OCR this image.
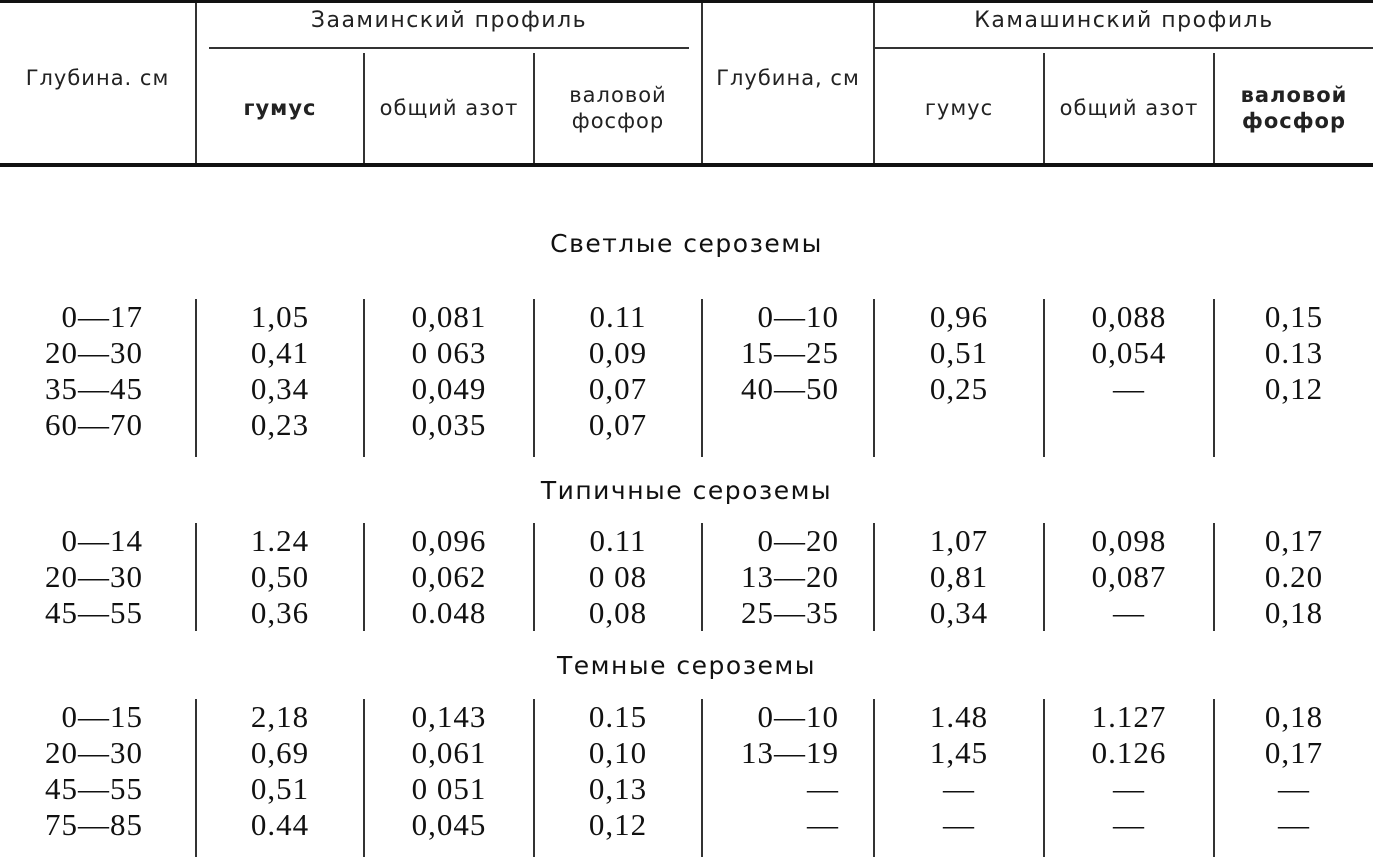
Глубина. см	Зааминский профиль			Глубина, см	Камашинский профиль		

	гумус	общий азот	валовой фосфор		гумус	общий азот	валовой фосфор

Светлые сероземы							
0—17	1,05	0,081	0.11	0—10	0,96	0,088	0,15
20—30	0,41	0 063	0,09	15—25	0,51	0,054	0.13
35—45	0,34	0,049	0,07	40—50	0,25	—	0,12
60—70	0,23	0,035	0,07				

Типичные сероземы							
0—14	1.24	0,096	0.11	0—20	1,07	0,098	0,17
20—30	0,50	0,062	0 08	13—20	0,81	0,087	0.20
45—55	0,36	0.048	0,08	25—35	0,34	—	0,18
Темные сероземы							
0—15	2,18	0,143	0.15	0—10	1.48	1.127	0,18
20—30	0,69	0,061	0,10	13—19	1,45	0.126	0,17
45—55	0,51	0 051	0,13	—	—	—	—
75—85	0.44	0,045	0,12	—	—	—	—
